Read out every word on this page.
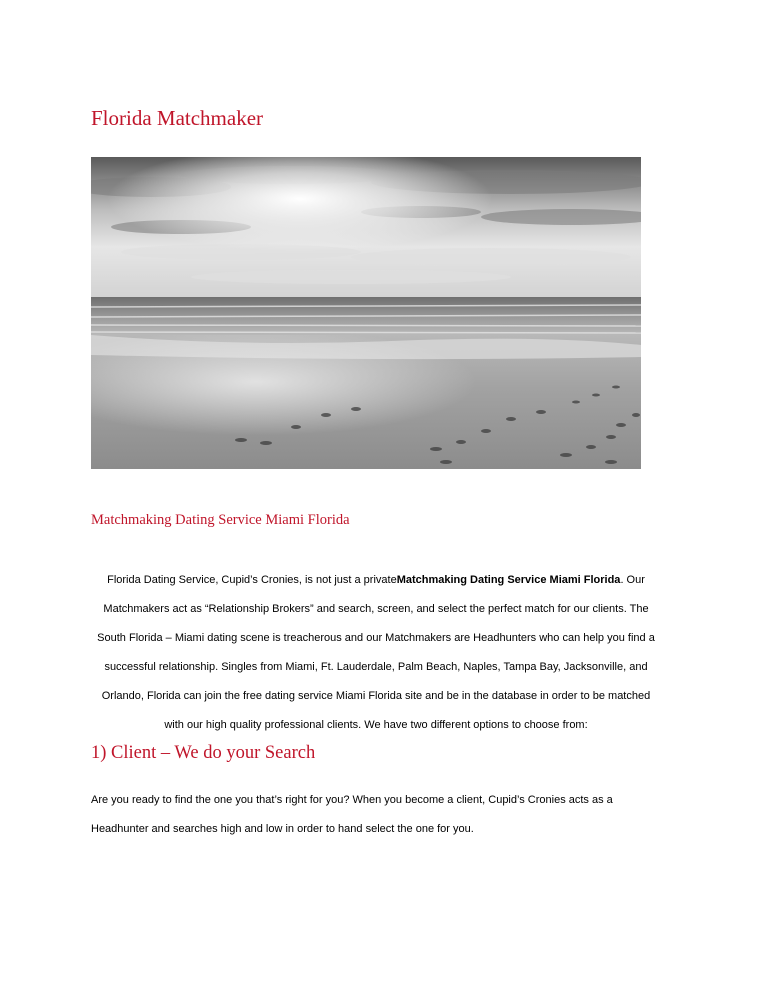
Florida Matchmaker
Matchmaking Dating Service Miami Florida

Florida Dating Service, Cupid’s Cronies, is not just a privateMatchmaking Dating Service Miami Florida. Our
Matchmakers act as “Relationship Brokers” and search, screen, and select the perfect match for our clients. The
South Florida – Miami dating scene is treacherous and our Matchmakers are Headhunters who can help you find a
successful relationship. Singles from Miami, Ft. Lauderdale, Palm Beach, Naples, Tampa Bay, Jacksonville, and
Orlando, Florida can join the free dating service Miami Florida site and be in the database in order to be matched
with our high quality professional clients. We have two different options to choose from:

1) Client – We do your Search

Are you ready to find the one you that’s right for you? When you become a client, Cupid’s Cronies acts as a
Headhunter and searches high and low in order to hand select the one for you.
